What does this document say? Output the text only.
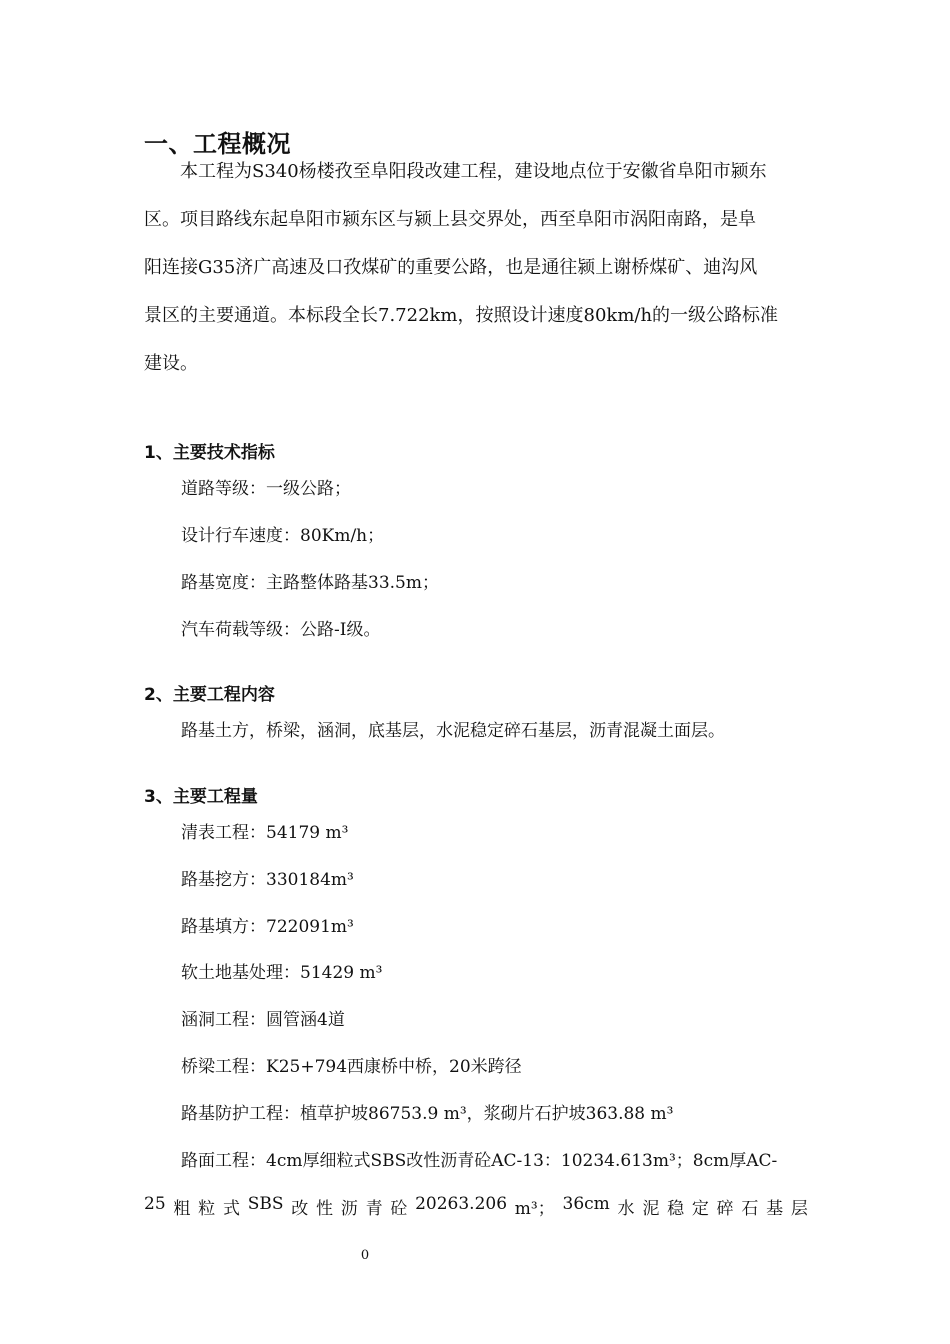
一、工程概况
　　本工程为S340杨楼孜至阜阳段改建工程，建设地点位于安徽省阜阳市颍东
区。项目路线东起阜阳市颍东区与颍上县交界处，西至阜阳市涡阳南路，是阜
阳连接G35济广高速及口孜煤矿的重要公路，也是通往颍上谢桥煤矿、迪沟风
景区的主要通道。本标段全长7.722km，按照设计速度80km/h的一级公路标准
建设。
1、主要技术指标
道路等级：一级公路；
设计行车速度：80Km/h；
路基宽度：主路整体路基33.5m；
汽车荷载等级：公路-I级。
2、主要工程内容
路基土方，桥梁，涵洞，底基层，水泥稳定碎石基层，沥青混凝土面层。
3、主要工程量
清表工程：54179 m³
路基挖方：330184m³
路基填方：722091m³
软土地基处理：51429 m³
涵洞工程：圆管涵4道
桥梁工程：K25+794西康桥中桥，20米跨径
路基防护工程：植草护坡86753.9 m³，浆砌片石护坡363.88 m³
路面工程：4cm厚细粒式SBS改性沥青砼AC-13：10234.613m³；8cm厚AC-
25 粗 粒 式 SBS 改 性 沥 青 砼 20263.206 m³； 36cm 水 泥 稳 定 碎 石 基 层
0
